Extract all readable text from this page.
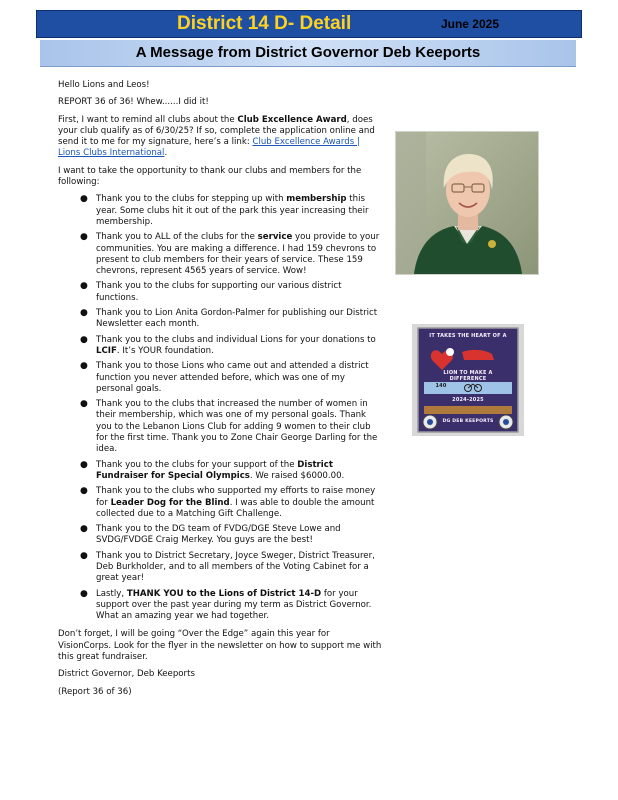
District 14 D- Detail	June 2025
A Message from District Governor Deb Keeports

Hello Lions and Leos!

REPORT 36 of 36! Whew......I did it!

First, I want to remind all clubs about the Club Excellence Award, does your club qualify as of 6/30/25? If so, complete the application online and send it to me for my signature, here’s a link: Club Excellence Awards | Lions Clubs International.

I want to take the opportunity to thank our clubs and members for the following:

● Thank you to the clubs for stepping up with membership this year. Some clubs hit it out of the park this year increasing their membership.
● Thank you to ALL of the clubs for the service you provide to your communities. You are making a difference. I had 159 chevrons to present to club members for their years of service. These 159 chevrons, represent 4565 years of service. Wow!
● Thank you to the clubs for supporting our various district functions.
● Thank you to Lion Anita Gordon-Palmer for publishing our District Newsletter each month.
● Thank you to the clubs and individual Lions for your donations to LCIF. It’s YOUR foundation.
● Thank you to those Lions who came out and attended a district function you never attended before, which was one of my personal goals.
● Thank you to the clubs that increased the number of women in their membership, which was one of my personal goals. Thank you to the Lebanon Lions Club for adding 9 women to their club for the first time. Thank you to Zone Chair George Darling for the idea.
● Thank you to the clubs for your support of the District Fundraiser for Special Olympics. We raised $6000.00.
● Thank you to the clubs who supported my efforts to raise money for Leader Dog for the Blind. I was able to double the amount collected due to a Matching Gift Challenge.
● Thank you to the DG team of FVDG/DGE Steve Lowe and SVDG/FVDGE Craig Merkey. You guys are the best!
● Thank you to District Secretary, Joyce Sweger, District Treasurer, Deb Burkholder, and to all members of the Voting Cabinet for a great year!
● Lastly, THANK YOU to the Lions of District 14-D for your support over the past year during my term as District Governor. What an amazing year we had together.

Don’t forget, I will be going “Over the Edge” again this year for VisionCorps. Look for the flyer in the newsletter on how to support me with this great fundraiser.

District Governor, Deb Keeports

(Report 36 of 36)

IT TAKES THE HEART OF A
LION TO MAKE A DIFFERENCE
140
2024-2025
DG DEB KEEPORTS
